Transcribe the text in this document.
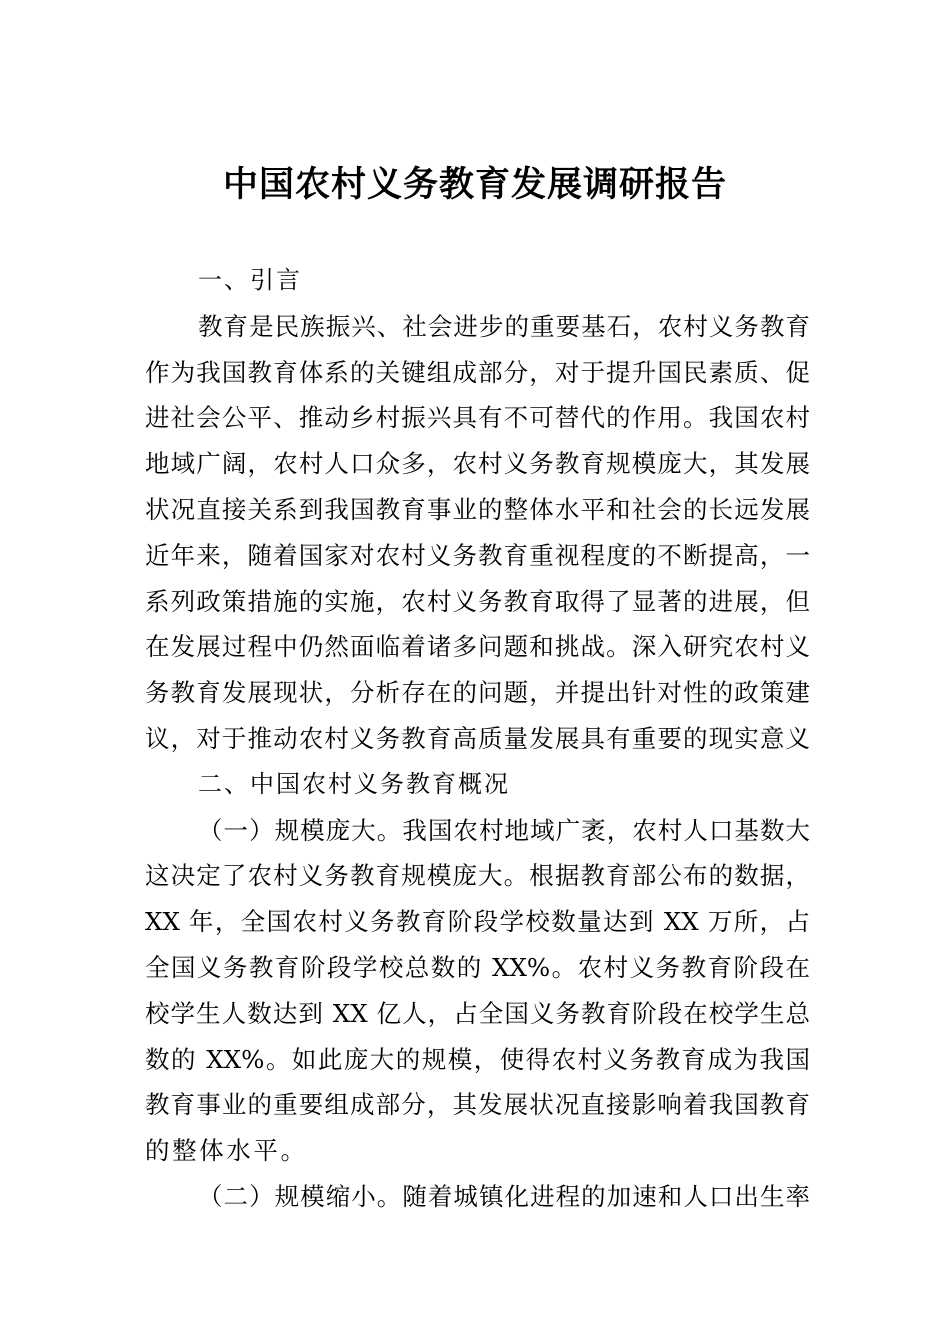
中国农村义务教育发展调研报告
一、引言
教育是民族振兴、社会进步的重要基石，农村义务教育
作为我国教育体系的关键组成部分，对于提升国民素质、促
进社会公平、推动乡村振兴具有不可替代的作用。我国农村
地域广阔，农村人口众多，农村义务教育规模庞大，其发展
状况直接关系到我国教育事业的整体水平和社会的长远发展
近年来，随着国家对农村义务教育重视程度的不断提高，一
系列政策措施的实施，农村义务教育取得了显著的进展，但
在发展过程中仍然面临着诸多问题和挑战。深入研究农村义
务教育发展现状，分析存在的问题，并提出针对性的政策建
议，对于推动农村义务教育高质量发展具有重要的现实意义
二、中国农村义务教育概况
（一）规模庞大。我国农村地域广袤，农村人口基数大
这决定了农村义务教育规模庞大。根据教育部公布的数据，
XX 年，全国农村义务教育阶段学校数量达到 XX 万所，占
全国义务教育阶段学校总数的 XX%。农村义务教育阶段在
校学生人数达到 XX 亿人，占全国义务教育阶段在校学生总
数的 XX%。如此庞大的规模，使得农村义务教育成为我国
教育事业的重要组成部分，其发展状况直接影响着我国教育
的整体水平。
（二）规模缩小。随着城镇化进程的加速和人口出生率
